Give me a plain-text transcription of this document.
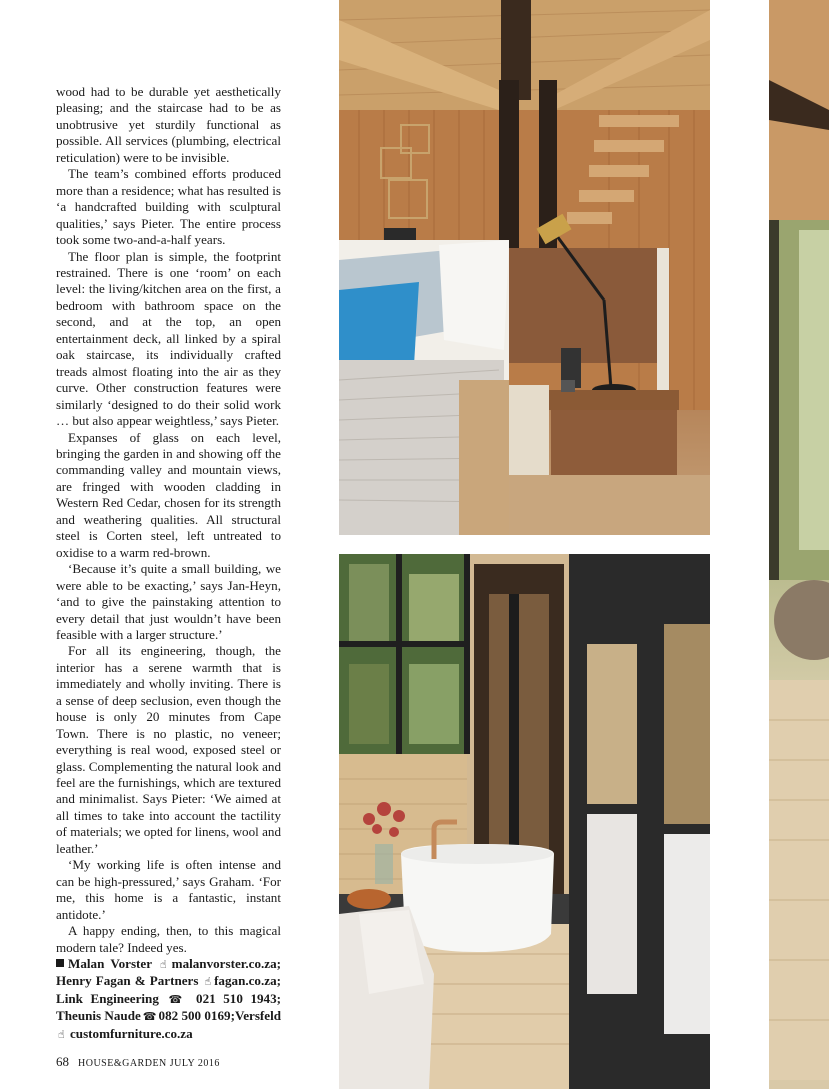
wood had to be durable yet aesthetically pleasing; and the staircase had to be as unobtrusive yet sturdily functional as possible. All services (plumbing, electrical reticulation) were to be invisible.

The team’s combined efforts produced more than a residence; what has resulted is ‘a handcrafted building with sculptural qualities,’ says Pieter. The entire process took some two-and-a-half years.

The floor plan is simple, the footprint restrained. There is one ‘room’ on each level: the living/kitchen area on the first, a bedroom with bathroom space on the second, and at the top, an open entertainment deck, all linked by a spiral oak staircase, its individually crafted treads almost floating into the air as they curve. Other construction features were similarly ‘designed to do their solid work … but also appear weightless,’ says Pieter.

Expanses of glass on each level, bringing the garden in and showing off the commanding valley and mountain views, are fringed with wooden cladding in Western Red Cedar, chosen for its strength and weathering qualities. All structural steel is Corten steel, left untreated to oxidise to a warm red-brown.

‘Because it’s quite a small building, we were able to be exacting,’ says Jan-Heyn, ‘and to give the painstaking attention to every detail that just wouldn’t have been feasible with a larger structure.’

For all its engineering, though, the interior has a serene warmth that is immediately and wholly inviting. There is a sense of deep seclusion, even though the house is only 20 minutes from Cape Town. There is no plastic, no veneer; everything is real wood, exposed steel or glass. Complementing the natural look and feel are the furnishings, which are textured and minimalist. Says Pieter: ‘We aimed at all times to take into account the tactility of materials; we opted for linens, wool and leather.’

‘My working life is often intense and can be high-pressured,’ says Graham. ‘For me, this home is a fantastic, instant antidote.’

A happy ending, then, to this magical modern tale? Indeed yes.

Malan Vorster ☝ malanvorster.co.za; Henry Fagan & Partners ☝ fagan.co.za; Link Engineering ☎ 021 510 1943; Theunis Naude ☎ 082 500 0169;Versfeld ☝ customfurniture.co.za

68 HOUSE&GARDEN JULY 2016
